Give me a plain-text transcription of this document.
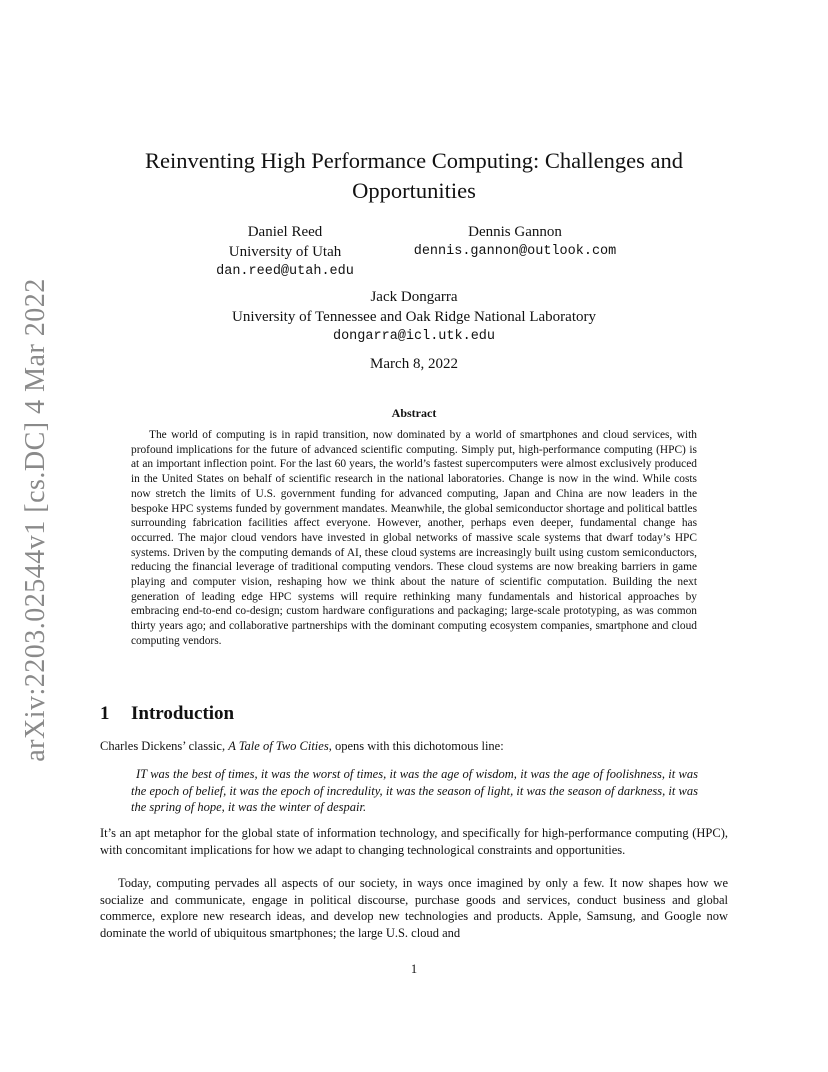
arXiv:2203.02544v1 [cs.DC] 4 Mar 2022
Reinventing High Performance Computing: Challenges and Opportunities
Daniel Reed
University of Utah
dan.reed@utah.edu
Dennis Gannon
dennis.gannon@outlook.com
Jack Dongarra
University of Tennessee and Oak Ridge National Laboratory
dongarra@icl.utk.edu
March 8, 2022
Abstract

The world of computing is in rapid transition, now dominated by a world of smartphones and cloud services, with profound implications for the future of advanced scientific computing. Simply put, high-performance computing (HPC) is at an important inflection point. For the last 60 years, the world’s fastest supercomputers were almost exclusively produced in the United States on behalf of scientific research in the national laboratories. Change is now in the wind. While costs now stretch the limits of U.S. government funding for advanced computing, Japan and China are now leaders in the bespoke HPC systems funded by government mandates. Meanwhile, the global semiconductor shortage and political battles surrounding fabrication facilities affect everyone. However, another, perhaps even deeper, fundamental change has occurred. The major cloud vendors have invested in global networks of massive scale systems that dwarf today’s HPC systems. Driven by the computing demands of AI, these cloud systems are increasingly built using custom semiconductors, reducing the financial leverage of traditional computing vendors. These cloud systems are now breaking barriers in game playing and computer vision, reshaping how we think about the nature of scientific computation. Building the next generation of leading edge HPC systems will require rethinking many fundamentals and historical approaches by embracing end-to-end co-design; custom hardware configurations and packaging; large-scale prototyping, as was common thirty years ago; and collaborative partnerships with the dominant computing ecosystem companies, smartphone and cloud computing vendors.

1 Introduction

Charles Dickens’ classic, A Tale of Two Cities, opens with this dichotomous line:

IT was the best of times, it was the worst of times, it was the age of wisdom, it was the age of foolishness, it was the epoch of belief, it was the epoch of incredulity, it was the season of light, it was the season of darkness, it was the spring of hope, it was the winter of despair.

It’s an apt metaphor for the global state of information technology, and specifically for high-performance computing (HPC), with concomitant implications for how we adapt to changing technological constraints and opportunities.

Today, computing pervades all aspects of our society, in ways once imagined by only a few. It now shapes how we socialize and communicate, engage in political discourse, purchase goods and services, conduct business and global commerce, explore new research ideas, and develop new technologies and products. Apple, Samsung, and Google now dominate the world of ubiquitous smartphones; the large U.S. cloud and

1
